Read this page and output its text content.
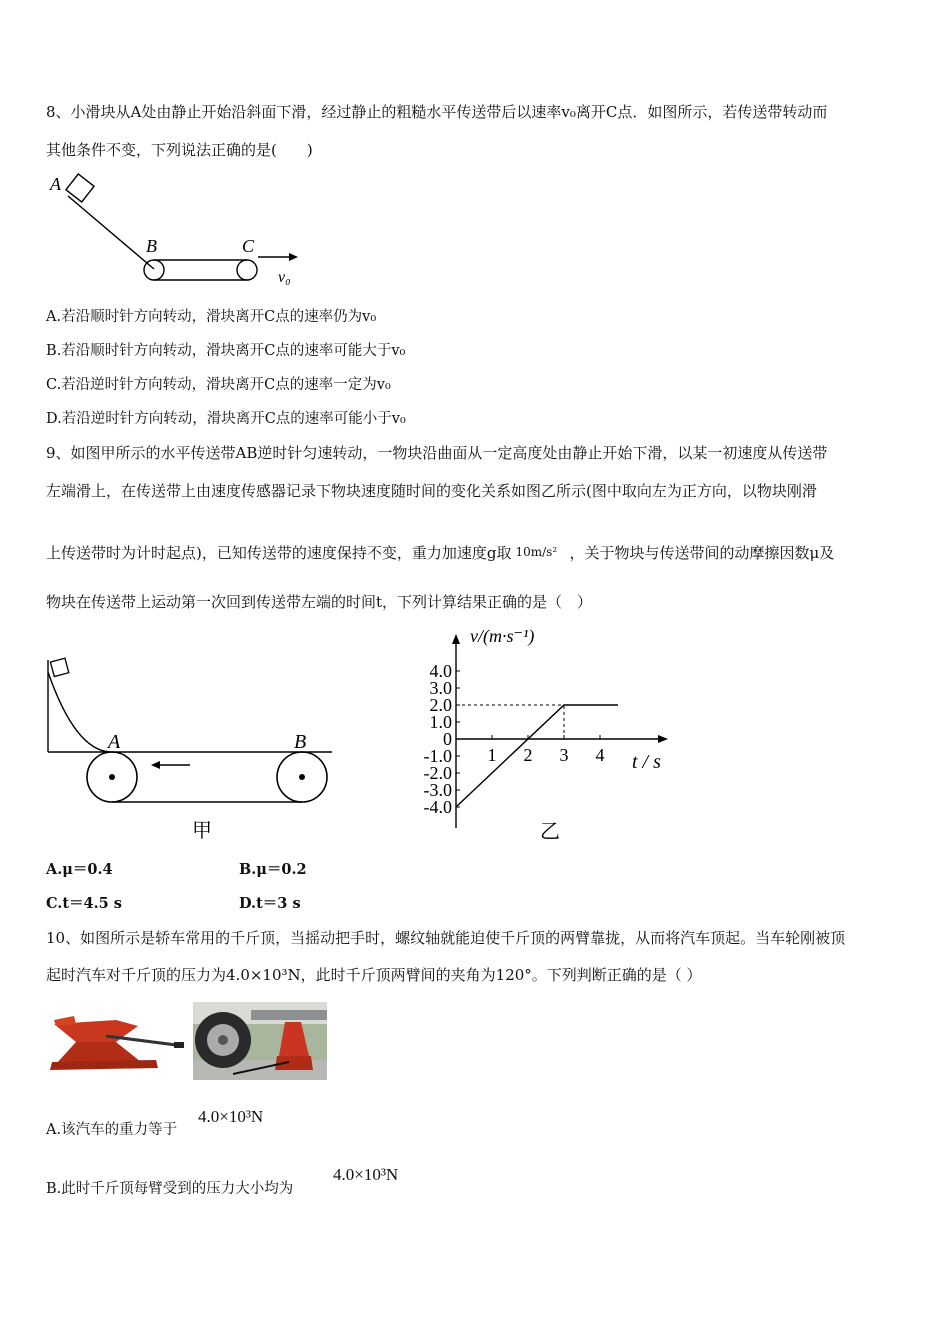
8、小滑块从A处由静止开始沿斜面下滑，经过静止的粗糙水平传送带后以速率v₀离开C点．如图所示，若传送带转动而
其他条件不变，下列说法正确的是(　　)
A
B	C
v₀
A.若沿顺时针方向转动，滑块离开C点的速率仍为v₀
B.若沿顺时针方向转动，滑块离开C点的速率可能大于v₀
C.若沿逆时针方向转动，滑块离开C点的速率一定为v₀
D.若沿逆时针方向转动，滑块离开C点的速率可能小于v₀
9、如图甲所示的水平传送带AB逆时针匀速转动，一物块沿曲面从一定高度处由静止开始下滑，以某一初速度从传送带
左端滑上，在传送带上由速度传感器记录下物块速度随时间的变化关系如图乙所示(图中取向左为正方向，以物块刚滑
上传送带时为计时起点)，已知传送带的速度保持不变，重力加速度g取 10m/s² ，关于物块与传送带间的动摩擦因数μ及
物块在传送带上运动第一次回到传送带左端的时间t，下列计算结果正确的是（　）
A	B
甲
4.0
3.0
2.0
1.0
0
-1.0
-2.0
-3.0
-4.0
1 2 3 4
v/(m·s⁻¹)
t / s
乙
A.μ＝0.4	B.μ＝0.2
C.t＝4.5 s	D.t＝3 s
10、如图所示是轿车常用的千斤顶，当摇动把手时，螺纹轴就能迫使千斤顶的两臂靠拢，从而将汽车顶起。当车轮刚被顶
起时汽车对千斤顶的压力为4.0×10³N，此时千斤顶两臂间的夹角为120°。下列判断正确的是（ ）
A.该汽车的重力等于
4.0×10³N
B.此时千斤顶每臂受到的压力大小均为
4.0×10³N
